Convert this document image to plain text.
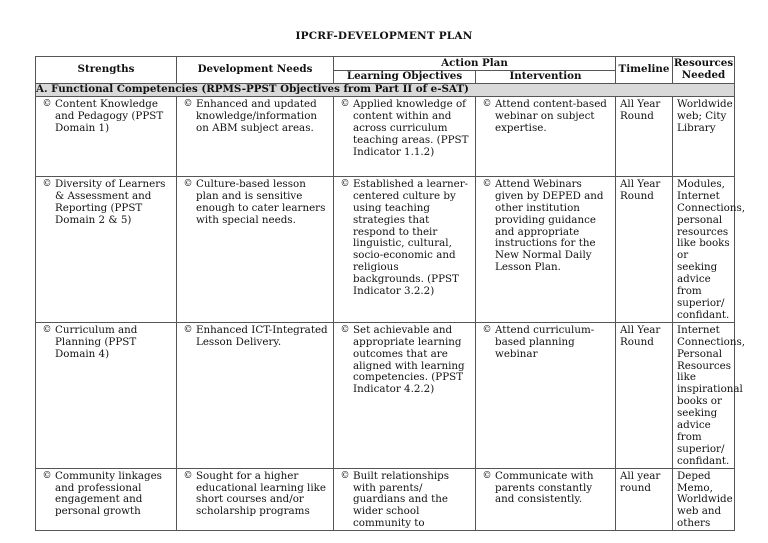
IPCRF-DEVELOPMENT PLAN
Strengths	Development Needs	Action Plan		Timeline	Resources Needed
		Learning Objectives	Intervention		
A. Functional Competencies (RPMS-PPST Objectives from Part II of e-SAT)					

© Content Knowledge and Pedagogy (PPST Domain 1)	© Enhanced and updated knowledge/information on ABM subject areas.	© Applied knowledge of content within and across curriculum teaching areas. (PPST Indicator 1.1.2)	© Attend content-based webinar on subject expertise.	All Year Round	Worldwide web; City Library

© Diversity of Learners & Assessment and Reporting (PPST Domain 2 & 5)	© Culture-based lesson plan and is sensitive enough to cater learners with special needs.	© Established a learner-centered culture by using teaching strategies that respond to their linguistic, cultural, socio-economic and religious backgrounds. (PPST Indicator 3.2.2)	© Attend Webinars given by DEPED and other institution providing guidance and appropriate instructions for the New Normal Daily Lesson Plan.	All Year Round	Modules, Internet Connections, personal resources like books or seeking advice from superior/ confidant.

© Curriculum and Planning (PPST Domain 4)	© Enhanced ICT-Integrated Lesson Delivery.	© Set achievable and appropriate learning outcomes that are aligned with learning competencies. (PPST Indicator 4.2.2)	© Attend curriculum-based planning webinar	All Year Round	Internet Connections, Personal Resources like inspirational books or seeking advice from superior/ confidant.

© Community linkages and professional engagement and personal growth	© Sought for a higher educational learning like short courses and/or scholarship programs	© Built relationships with parents/ guardians and the wider school community to	© Communicate with parents constantly and consistently.	All year round	Deped Memo, Worldwide web and others
